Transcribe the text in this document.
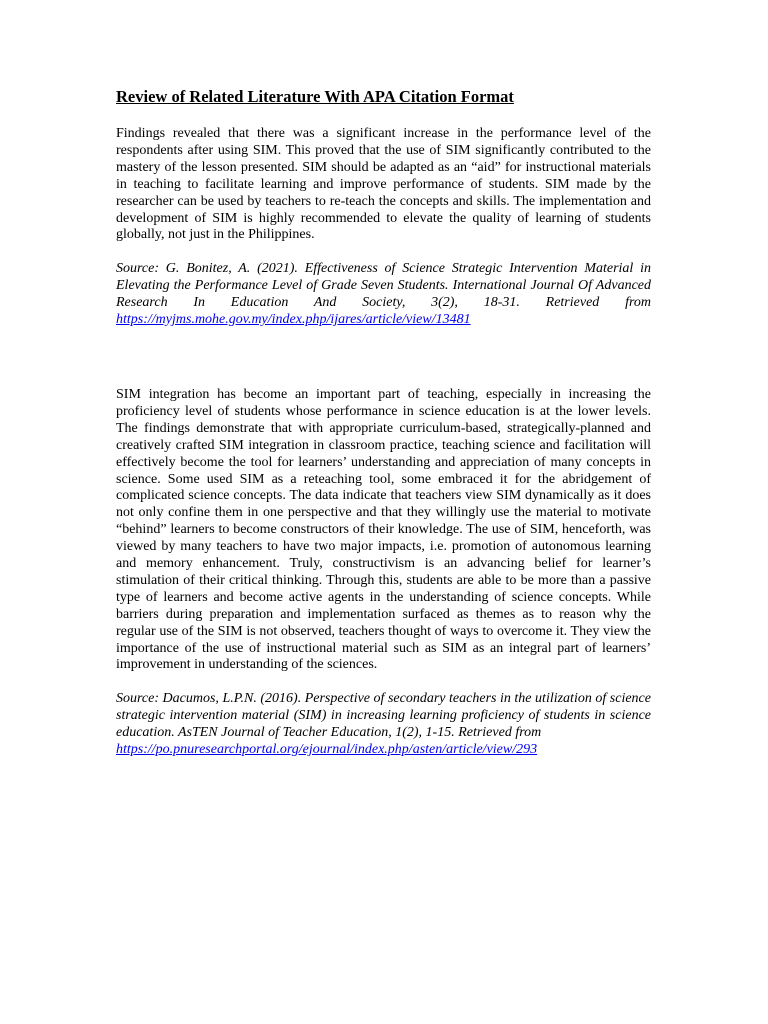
Review of Related Literature With APA Citation Format

Findings revealed that there was a significant increase in the performance level of the respondents after using SIM. This proved that the use of SIM significantly contributed to the mastery of the lesson presented. SIM should be adapted as an “aid” for instructional materials in teaching to facilitate learning and improve performance of students. SIM made by the researcher can be used by teachers to re-teach the concepts and skills. The implementation and development of SIM is highly recommended to elevate the quality of learning of students globally, not just in the Philippines.

Source: G. Bonitez, A. (2021). Effectiveness of Science Strategic Intervention Material in Elevating the Performance Level of Grade Seven Students. International Journal Of Advanced Research In Education And Society, 3(2), 18-31. Retrieved from https://myjms.mohe.gov.my/index.php/ijares/article/view/13481

SIM integration has become an important part of teaching, especially in increasing the proficiency level of students whose performance in science education is at the lower levels. The findings demonstrate that with appropriate curriculum-based, strategically-planned and creatively crafted SIM integration in classroom practice, teaching science and facilitation will effectively become the tool for learners’ understanding and appreciation of many concepts in science. Some used SIM as a reteaching tool, some embraced it for the abridgement of complicated science concepts. The data indicate that teachers view SIM dynamically as it does not only confine them in one perspective and that they willingly use the material to motivate “behind” learners to become constructors of their knowledge. The use of SIM, henceforth, was viewed by many teachers to have two major impacts, i.e. promotion of autonomous learning and memory enhancement. Truly, constructivism is an advancing belief for learner’s stimulation of their critical thinking. Through this, students are able to be more than a passive type of learners and become active agents in the understanding of science concepts. While barriers during preparation and implementation surfaced as themes as to reason why the regular use of the SIM is not observed, teachers thought of ways to overcome it. They view the importance of the use of instructional material such as SIM as an integral part of learners’ improvement in understanding of the sciences.

Source: Dacumos, L.P.N. (2016). Perspective of secondary teachers in the utilization of science strategic intervention material (SIM) in increasing learning proficiency of students in science education. AsTEN Journal of Teacher Education, 1(2), 1-15. Retrieved from
https://po.pnuresearchportal.org/ejournal/index.php/asten/article/view/293
